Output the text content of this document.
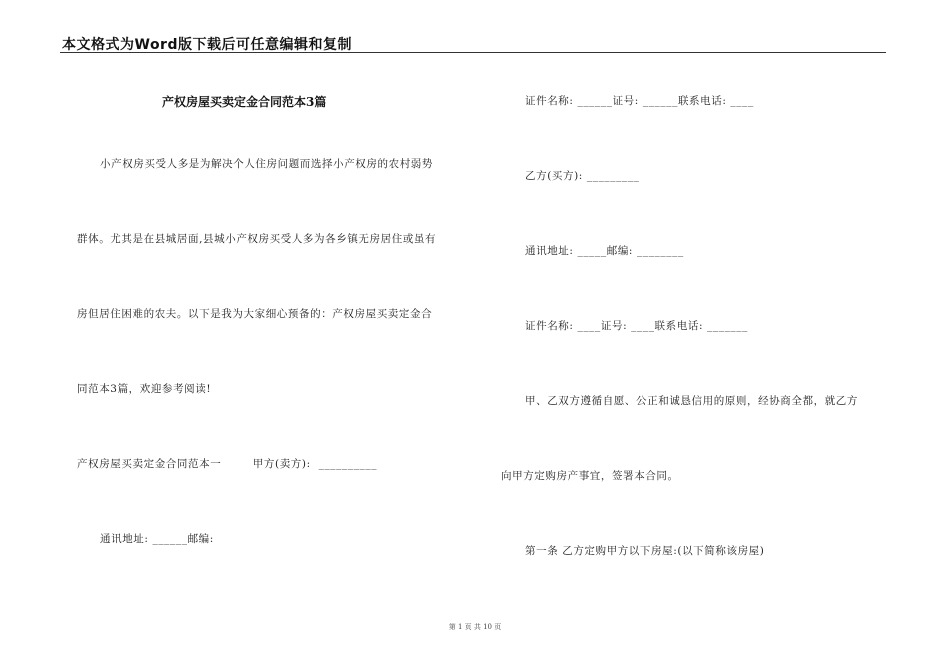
本文格式为Word版下载后可任意编辑和复制
产权房屋买卖定金合同范本3篇
小产权房买受人多是为解决个人住房问题而选择小产权房的农村弱势
群体。尤其是在县城居面,县城小产权房买受人多为各乡镇无房居住或虽有
房但居住困难的农夫。以下是我为大家细心预备的：产权房屋买卖定金合
同范本3篇，欢迎参考阅读!
产权房屋买卖定金合同范本一        甲方(卖方):  __________
通讯地址: ______邮编:
证件名称: ______证号: ______联系电话: ____
乙方(买方): _________
通讯地址: _____邮编: ________
证件名称: ____证号: ____联系电话: _______
甲、乙双方遵循自愿、公正和诚恳信用的原则，经协商全都，就乙方
向甲方定购房产事宜，签署本合同。
第一条 乙方定购甲方以下房屋:(以下简称该房屋)
第 1 页 共 10 页
